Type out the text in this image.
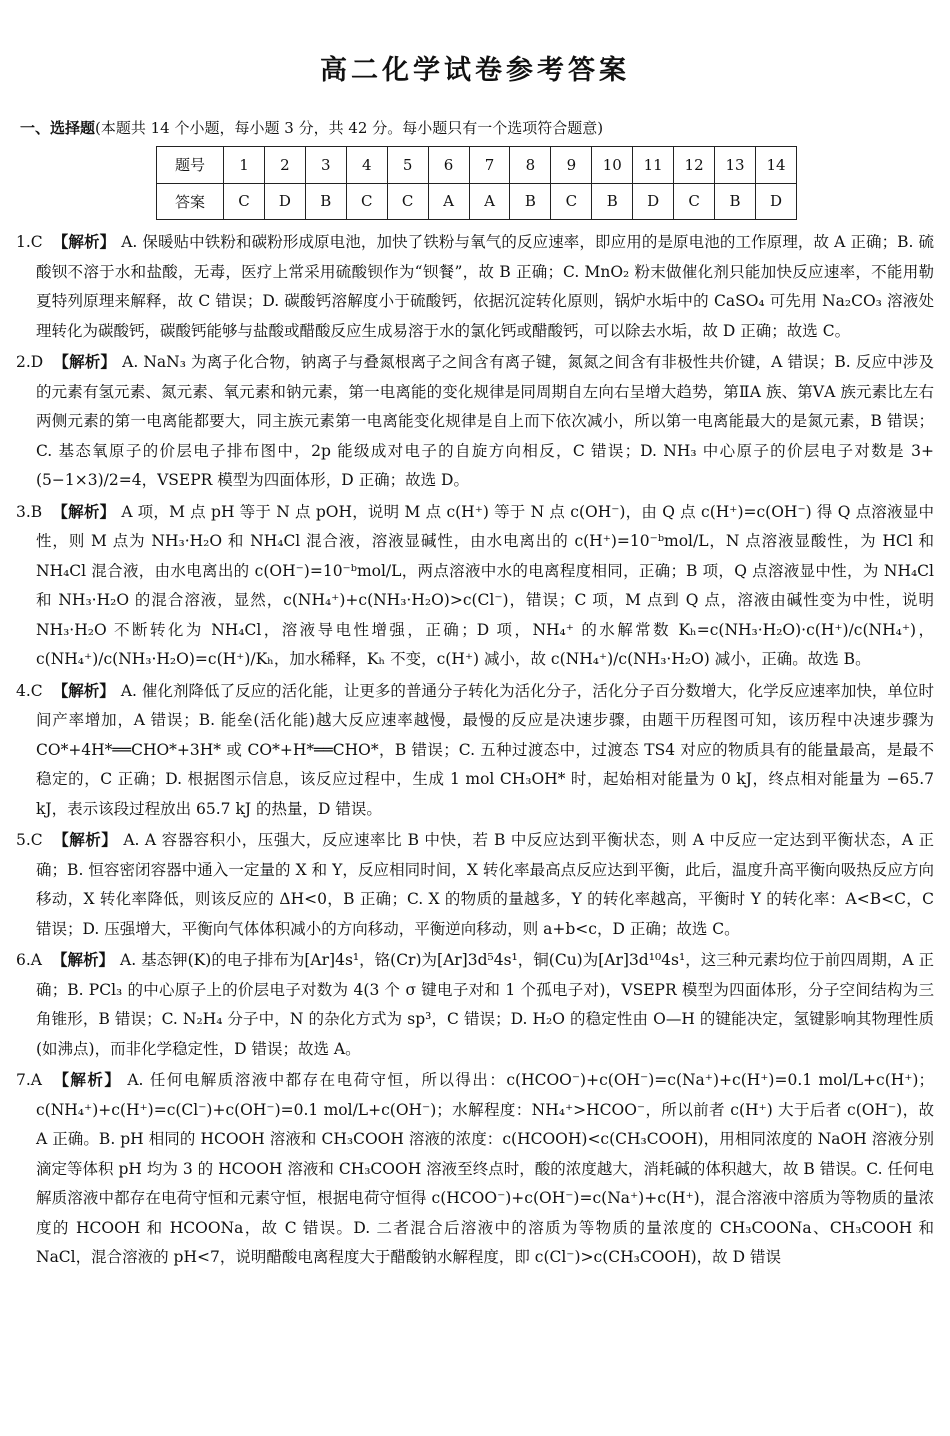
高二化学试卷参考答案
一、选择题(本题共 14 个小题，每小题 3 分，共 42 分。每小题只有一个选项符合题意)
题号	1	2	3	4	5	6	7	8	9	10	11	12	13	14
答案	C	D	B	C	C	A	A	B	C	B	D	C	B	D

1.C 【解析】 A. 保暖贴中铁粉和碳粉形成原电池，加快了铁粉与氧气的反应速率，即应用的是原电池的工作原理，故 A 正确；B. 硫酸钡不溶于水和盐酸，无毒，医疗上常采用硫酸钡作为“钡餐”，故 B 正确；C. MnO₂ 粉末做催化剂只能加快反应速率，不能用勒夏特列原理来解释，故 C 错误；D. 碳酸钙溶解度小于硫酸钙，依据沉淀转化原则，锅炉水垢中的 CaSO₄ 可先用 Na₂CO₃ 溶液处理转化为碳酸钙，碳酸钙能够与盐酸或醋酸反应生成易溶于水的氯化钙或醋酸钙，可以除去水垢，故 D 正确；故选 C。

2.D 【解析】 A. NaN₃ 为离子化合物，钠离子与叠氮根离子之间含有离子键，氮氮之间含有非极性共价键，A 错误；B. 反应中涉及的元素有氢元素、氮元素、氧元素和钠元素，第一电离能的变化规律是同周期自左向右呈增大趋势，第ⅡA 族、第ⅤA 族元素比左右两侧元素的第一电离能都要大，同主族元素第一电离能变化规律是自上而下依次减小，所以第一电离能最大的是氮元素，B 错误；C. 基态氧原子的价层电子排布图中，2p 能级成对电子的自旋方向相反，C 错误；D. NH₃ 中心原子的价层电子对数是 3+(5−1×3)/2=4，VSEPR 模型为四面体形，D 正确；故选 D。

3.B 【解析】 A 项，M 点 pH 等于 N 点 pOH，说明 M 点 c(H⁺) 等于 N 点 c(OH⁻)，由 Q 点 c(H⁺)=c(OH⁻) 得 Q 点溶液显中性，则 M 点为 NH₃·H₂O 和 NH₄Cl 混合液，溶液显碱性，由水电离出的 c(H⁺)=10⁻ᵇmol/L，N 点溶液显酸性，为 HCl 和 NH₄Cl 混合液，由水电离出的 c(OH⁻)=10⁻ᵇmol/L，两点溶液中水的电离程度相同，正确；B 项，Q 点溶液显中性，为 NH₄Cl 和 NH₃·H₂O 的混合溶液，显然，c(NH₄⁺)+c(NH₃·H₂O)>c(Cl⁻)，错误；C 项，M 点到 Q 点，溶液由碱性变为中性，说明 NH₃·H₂O 不断转化为 NH₄Cl，溶液导电性增强，正确；D 项，NH₄⁺ 的水解常数 Kₕ=c(NH₃·H₂O)·c(H⁺)/c(NH₄⁺)，c(NH₄⁺)/c(NH₃·H₂O)=c(H⁺)/Kₕ，加水稀释，Kₕ 不变，c(H⁺) 减小，故 c(NH₄⁺)/c(NH₃·H₂O) 减小，正确。故选 B。

4.C 【解析】 A. 催化剂降低了反应的活化能，让更多的普通分子转化为活化分子，活化分子百分数增大，化学反应速率加快，单位时间产率增加，A 错误；B. 能垒(活化能)越大反应速率越慢，最慢的反应是决速步骤，由题干历程图可知，该历程中决速步骤为 CO*+4H*══CHO*+3H* 或 CO*+H*══CHO*，B 错误；C. 五种过渡态中，过渡态 TS4 对应的物质具有的能量最高，是最不稳定的，C 正确；D. 根据图示信息，该反应过程中，生成 1 mol CH₃OH* 时，起始相对能量为 0 kJ，终点相对能量为 −65.7 kJ，表示该段过程放出 65.7 kJ 的热量，D 错误。

5.C 【解析】 A. A 容器容积小，压强大，反应速率比 B 中快，若 B 中反应达到平衡状态，则 A 中反应一定达到平衡状态，A 正确；B. 恒容密闭容器中通入一定量的 X 和 Y，反应相同时间，X 转化率最高点反应达到平衡，此后，温度升高平衡向吸热反应方向移动，X 转化率降低，则该反应的 ΔH<0，B 正确；C. X 的物质的量越多，Y 的转化率越高，平衡时 Y 的转化率：A<B<C，C 错误；D. 压强增大，平衡向气体体积减小的方向移动，平衡逆向移动，则 a+b<c，D 正确；故选 C。

6.A 【解析】 A. 基态钾(K)的电子排布为[Ar]4s¹，铬(Cr)为[Ar]3d⁵4s¹，铜(Cu)为[Ar]3d¹⁰4s¹，这三种元素均位于前四周期，A 正确；B. PCl₃ 的中心原子上的价层电子对数为 4(3 个 σ 键电子对和 1 个孤电子对)，VSEPR 模型为四面体形，分子空间结构为三角锥形，B 错误；C. N₂H₄ 分子中，N 的杂化方式为 sp³，C 错误；D. H₂O 的稳定性由 O—H 的键能决定，氢键影响其物理性质(如沸点)，而非化学稳定性，D 错误；故选 A。

7.A 【解析】 A. 任何电解质溶液中都存在电荷守恒，所以得出：c(HCOO⁻)+c(OH⁻)=c(Na⁺)+c(H⁺)=0.1 mol/L+c(H⁺)；c(NH₄⁺)+c(H⁺)=c(Cl⁻)+c(OH⁻)=0.1 mol/L+c(OH⁻)；水解程度：NH₄⁺>HCOO⁻，所以前者 c(H⁺) 大于后者 c(OH⁻)，故 A 正确。B. pH 相同的 HCOOH 溶液和 CH₃COOH 溶液的浓度：c(HCOOH)<c(CH₃COOH)，用相同浓度的 NaOH 溶液分别滴定等体积 pH 均为 3 的 HCOOH 溶液和 CH₃COOH 溶液至终点时，酸的浓度越大，消耗碱的体积越大，故 B 错误。C. 任何电解质溶液中都存在电荷守恒和元素守恒，根据电荷守恒得 c(HCOO⁻)+c(OH⁻)=c(Na⁺)+c(H⁺)，混合溶液中溶质为等物质的量浓度的 HCOOH 和 HCOONa，故 C 错误。D. 二者混合后溶液中的溶质为等物质的量浓度的 CH₃COONa、CH₃COOH 和 NaCl，混合溶液的 pH<7，说明醋酸电离程度大于醋酸钠水解程度，即 c(Cl⁻)>c(CH₃COOH)，故 D 错误
